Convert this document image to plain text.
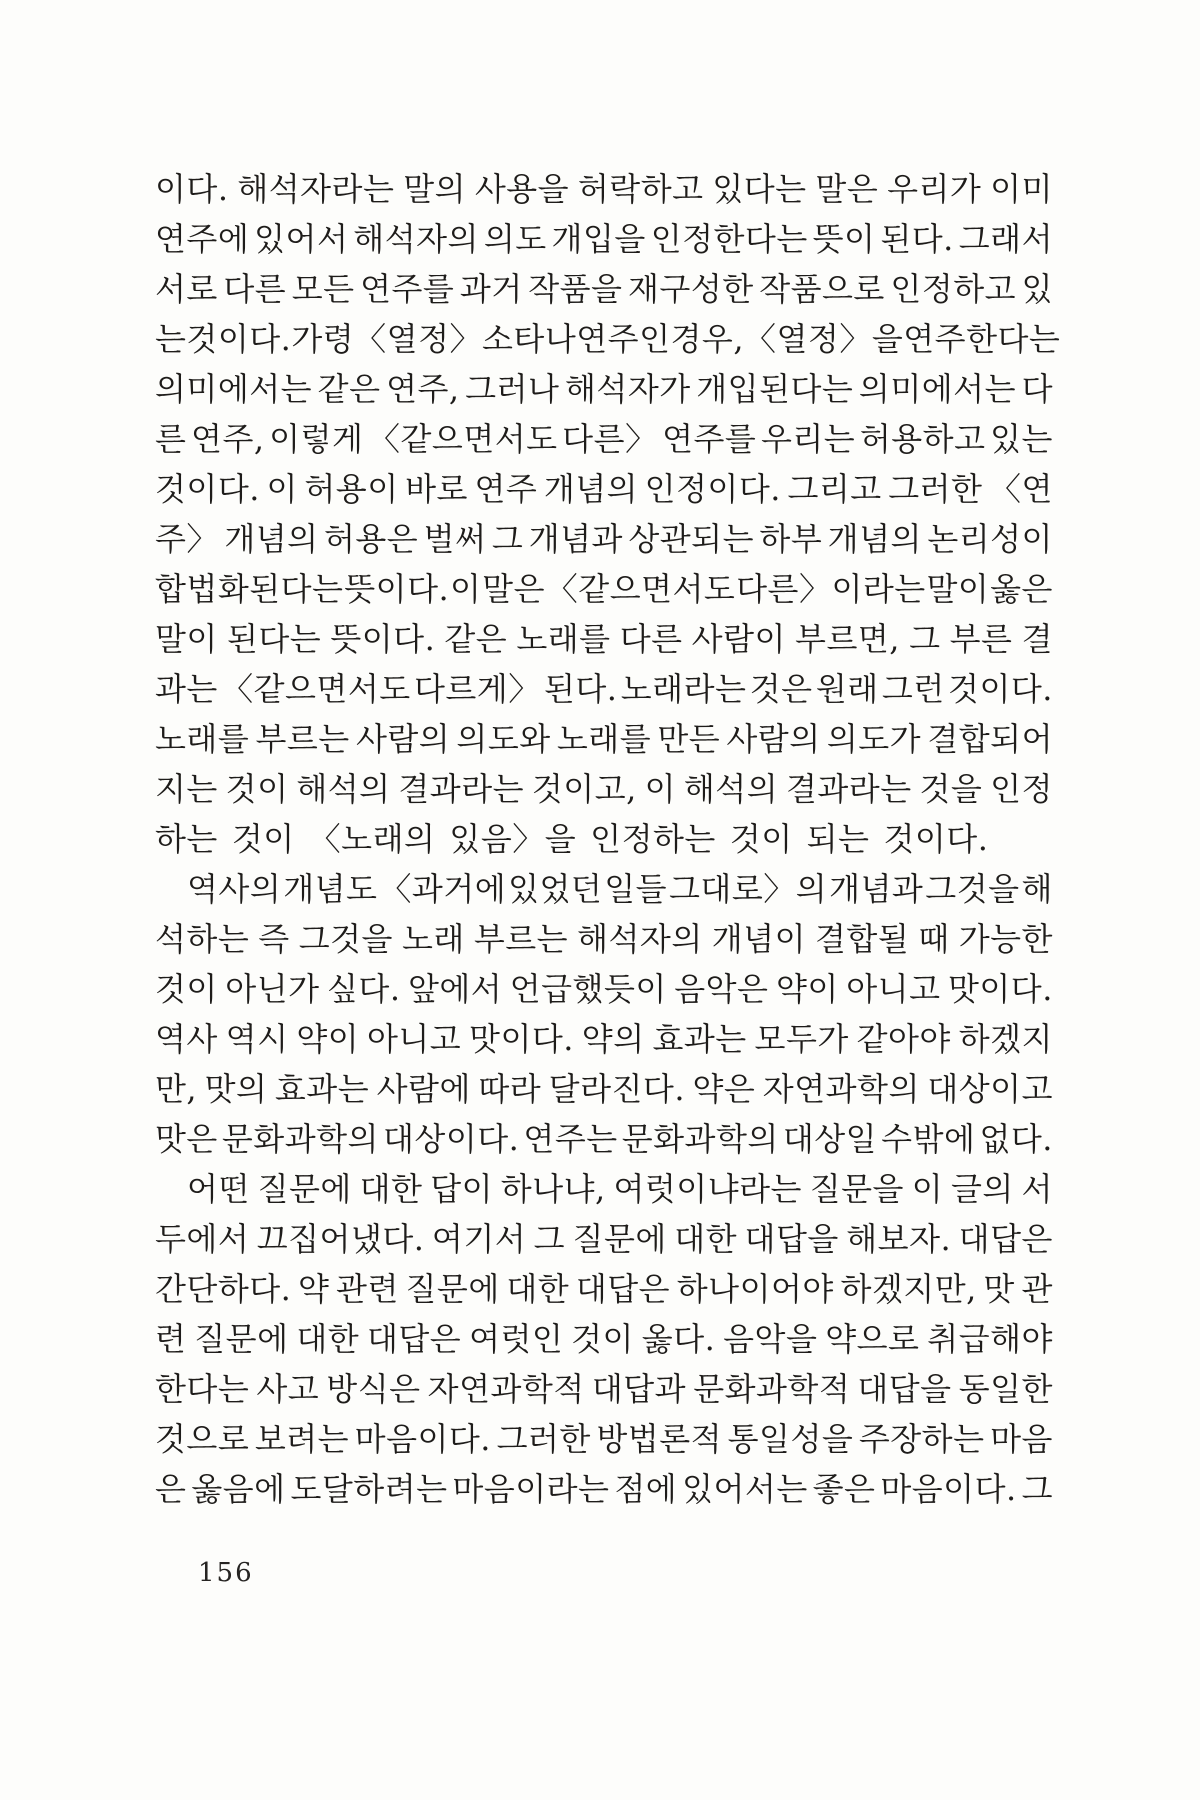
이다. 해석자라는 말의 사용을 허락하고 있다는 말은 우리가 이미
연주에 있어서 해석자의 의도 개입을 인정한다는 뜻이 된다. 그래서
서로 다른 모든 연주를 과거 작품을 재구성한 작품으로 인정하고 있
는 것이다. 가령 〈열정〉 소타나 연주인 경우, 〈열정〉을 연주한다는
의미에서는 같은 연주, 그러나 해석자가 개입된다는 의미에서는 다
른 연주, 이렇게 〈같으면서도 다른〉 연주를 우리는 허용하고 있는
것이다. 이 허용이 바로 연주 개념의 인정이다. 그리고 그러한 〈연
주〉 개념의 허용은 벌써 그 개념과 상관되는 하부 개념의 논리성이
합법화된다는 뜻이다. 이 말은 〈같으면서도 다른〉이라는 말이 옳은
말이 된다는 뜻이다. 같은 노래를 다른 사람이 부르면, 그 부른 결
과는 〈같으면서도 다르게〉 된다. 노래라는 것은 원래 그런 것이다.
노래를 부르는 사람의 의도와 노래를 만든 사람의 의도가 결합되어
지는 것이 해석의 결과라는 것이고, 이 해석의 결과라는 것을 인정
하는 것이 〈노래의 있음〉을 인정하는 것이 되는 것이다.
역사의 개념도 〈과거에 있었던 일들 그대로〉의 개념과 그것을 해
석하는 즉 그것을 노래 부르는 해석자의 개념이 결합될 때 가능한
것이 아닌가 싶다. 앞에서 언급했듯이 음악은 약이 아니고 맛이다.
역사 역시 약이 아니고 맛이다. 약의 효과는 모두가 같아야 하겠지
만, 맛의 효과는 사람에 따라 달라진다. 약은 자연과학의 대상이고
맛은 문화과학의 대상이다. 연주는 문화과학의 대상일 수밖에 없다.
어떤 질문에 대한 답이 하나냐, 여럿이냐라는 질문을 이 글의 서
두에서 끄집어냈다. 여기서 그 질문에 대한 대답을 해보자. 대답은
간단하다. 약 관련 질문에 대한 대답은 하나이어야 하겠지만, 맛 관
련 질문에 대한 대답은 여럿인 것이 옳다. 음악을 약으로 취급해야
한다는 사고 방식은 자연과학적 대답과 문화과학적 대답을 동일한
것으로 보려는 마음이다. 그러한 방법론적 통일성을 주장하는 마음
은 옳음에 도달하려는 마음이라는 점에 있어서는 좋은 마음이다. 그
156
